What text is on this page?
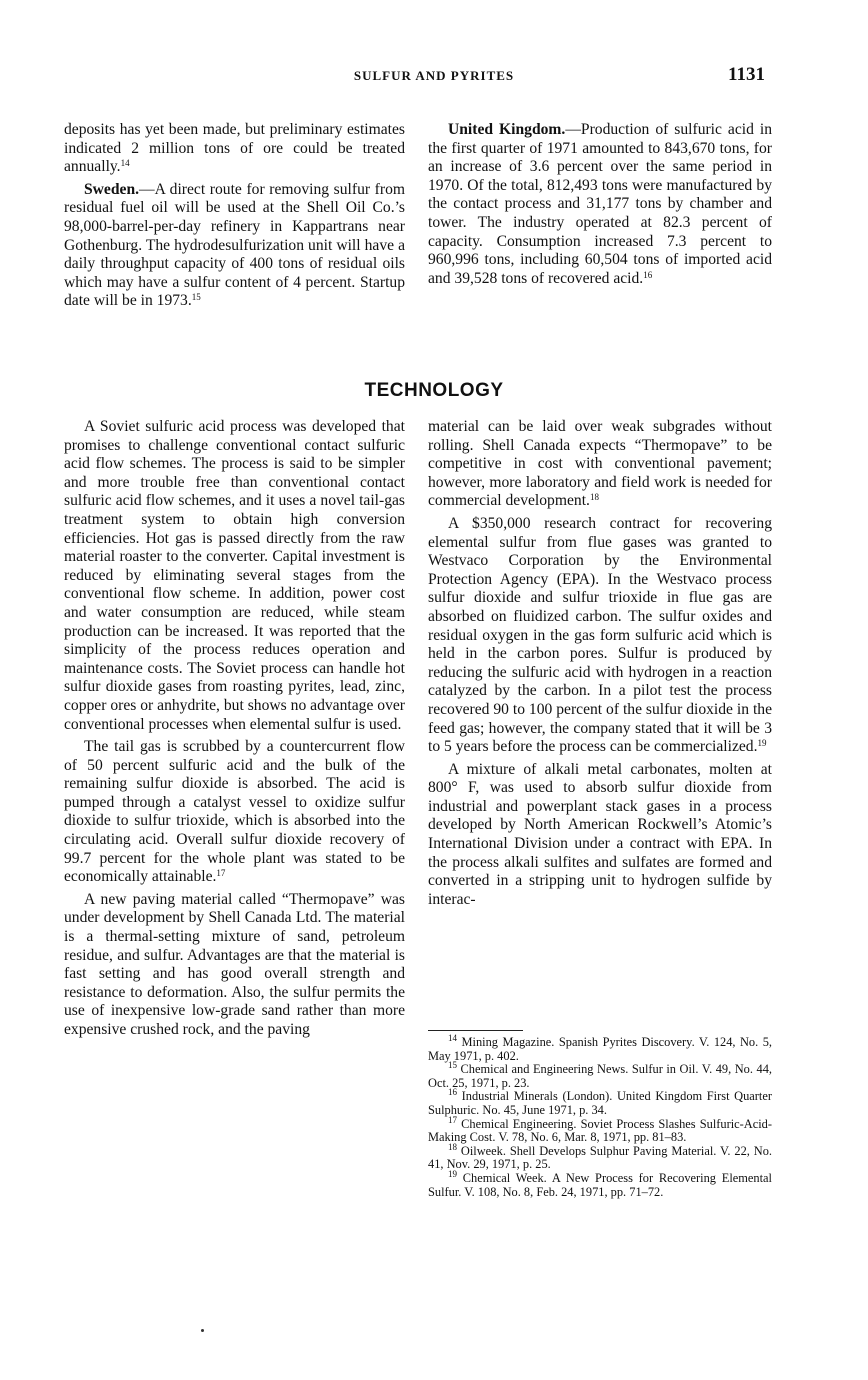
SULFUR AND PYRITES	1131

deposits has yet been made, but preliminary estimates indicated 2 million tons of ore could be treated annually.$^{14}$

Sweden.—A direct route for removing sulfur from residual fuel oil will be used at the Shell Oil Co.’s 98,000-barrel-per-day refinery in Kappartrans near Gothenburg. The hydrodesulfurization unit will have a daily throughput capacity of 400 tons of residual oils which may have a sulfur content of 4 percent. Startup date will be in 1973.15

United Kingdom.—Production of sulfuric acid in the first quarter of 1971 amounted to 843,670 tons, for an increase of 3.6 percent over the same period in 1970. Of the total, 812,493 tons were manufactured by the contact process and 31,177 tons by chamber and tower. The industry operated at 82.3 percent of capacity. Consumption increased 7.3 percent to 960,996 tons, including 60,504 tons of imported acid and 39,528 tons of recovered acid.$^{16}$

TECHNOLOGY

A Soviet sulfuric acid process was developed that promises to challenge conventional contact sulfuric acid flow schemes. The process is said to be simpler and more trouble free than conventional contact sulfuric acid flow schemes, and it uses a novel tail-gas treatment system to obtain high conversion efficiencies. Hot gas is passed directly from the raw material roaster to the converter. Capital investment is reduced by eliminating several stages from the conventional flow scheme. In addition, power cost and water consumption are reduced, while steam production can be increased. It was reported that the simplicity of the process reduces operation and maintenance costs. The Soviet process can handle hot sulfur dioxide gases from roasting pyrites, lead, zinc, copper ores or anhydrite, but shows no advantage over conventional processes when elemental sulfur is used.

The tail gas is scrubbed by a countercurrent flow of 50 percent sulfuric acid and the bulk of the remaining sulfur dioxide is absorbed. The acid is pumped through a catalyst vessel to oxidize sulfur dioxide to sulfur trioxide, which is absorbed into the circulating acid. Overall sulfur dioxide recovery of 99.7 percent for the whole plant was stated to be economically attainable.$^{17}$

A new paving material called “Thermopave” was under development by Shell Canada Ltd. The material is a thermal-setting mixture of sand, petroleum residue, and sulfur. Advantages are that the material is fast setting and has good overall strength and resistance to deformation. Also, the sulfur permits the use of inexpensive low-grade sand rather than more expensive crushed rock, and the paving

material can be laid over weak subgrades without rolling. Shell Canada expects “Thermopave” to be competitive in cost with conventional pavement; however, more laboratory and field work is needed for commercial development.$^{18}$

A $350,000 research contract for recovering elemental sulfur from flue gases was granted to Westvaco Corporation by the Environmental Protection Agency (EPA). In the Westvaco process sulfur dioxide and sulfur trioxide in flue gas are absorbed on fluidized carbon. The sulfur oxides and residual oxygen in the gas form sulfuric acid which is held in the carbon pores. Sulfur is produced by reducing the sulfuric acid with hydrogen in a reaction catalyzed by the carbon. In a pilot test the process recovered 90 to 100 percent of the sulfur dioxide in the feed gas; however, the company stated that it will be 3 to 5 years before the process can be commercialized.$^{19}$

A mixture of alkali metal carbonates, molten at 800° F, was used to absorb sulfur dioxide from industrial and powerplant stack gases in a process developed by North American Rockwell’s Atomic’s International Division under a contract with EPA. In the process alkali sulfites and sulfates are formed and converted in a stripping unit to hydrogen sulfide by interac-

$^{14}$ Mining Magazine. Spanish Pyrites Discovery. V. 124, No. 5, May 1971, p. 402.

$^{15}$ Chemical and Engineering News. Sulfur in Oil. V. 49, No. 44, Oct. 25, 1971, p. 23.

$^{16}$ Industrial Minerals (London). United Kingdom First Quarter Sulphuric. No. 45, June 1971, p. 34.

$^{17}$ Chemical Engineering. Soviet Process Slashes Sulfuric-Acid-Making Cost. V. 78, No. 6, Mar. 8, 1971, pp. 81–83.

$^{18}$ Oilweek. Shell Develops Sulphur Paving Material. V. 22, No. 41, Nov. 29, 1971, p. 25.

$^{19}$ Chemical Week. A New Process for Recovering Elemental Sulfur. V. 108, No. 8, Feb. 24, 1971, pp. 71–72.
